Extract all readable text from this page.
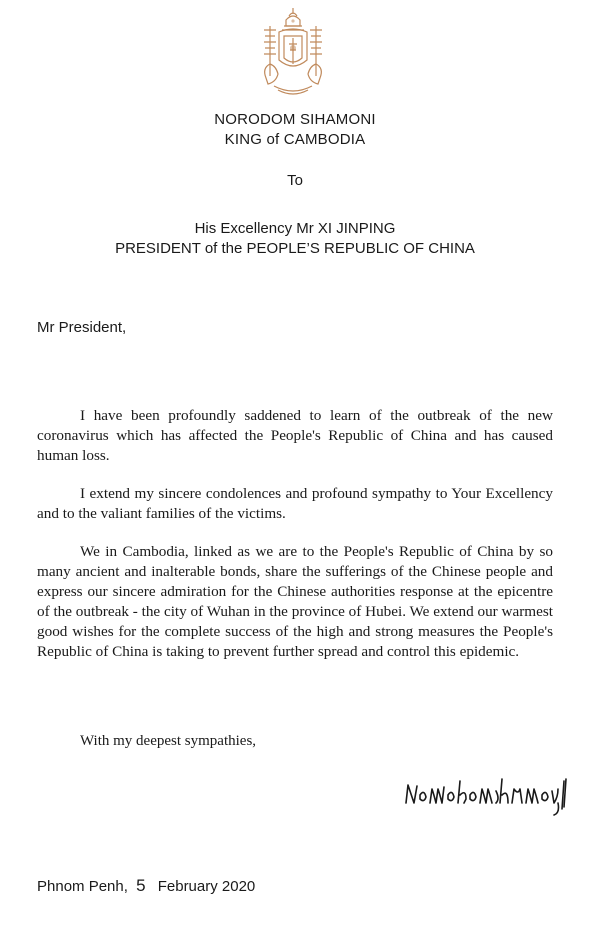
NORODOM SIHAMONI
KING of CAMBODIA
To
His Excellency Mr XI JINPING
PRESIDENT of the PEOPLE’S REPUBLIC OF CHINA
Mr President,

I have been profoundly saddened to learn of the outbreak of the new coronavirus which has affected the People's Republic of China and has caused human loss.

I extend my sincere condolences and profound sympathy to Your Excellency and to the valiant families of the victims.

We in Cambodia, linked as we are to the People's Republic of China by so many ancient and inalterable bonds, share the sufferings of the Chinese people and express our sincere admiration for the Chinese authorities response at the epicentre of the outbreak - the city of Wuhan in the province of Hubei. We extend our warmest good wishes for the complete success of the high and strong measures the People's Republic of China is taking to prevent further spread and control this epidemic.

With my deepest sympathies,
Phnom Penh, 5 February 2020
